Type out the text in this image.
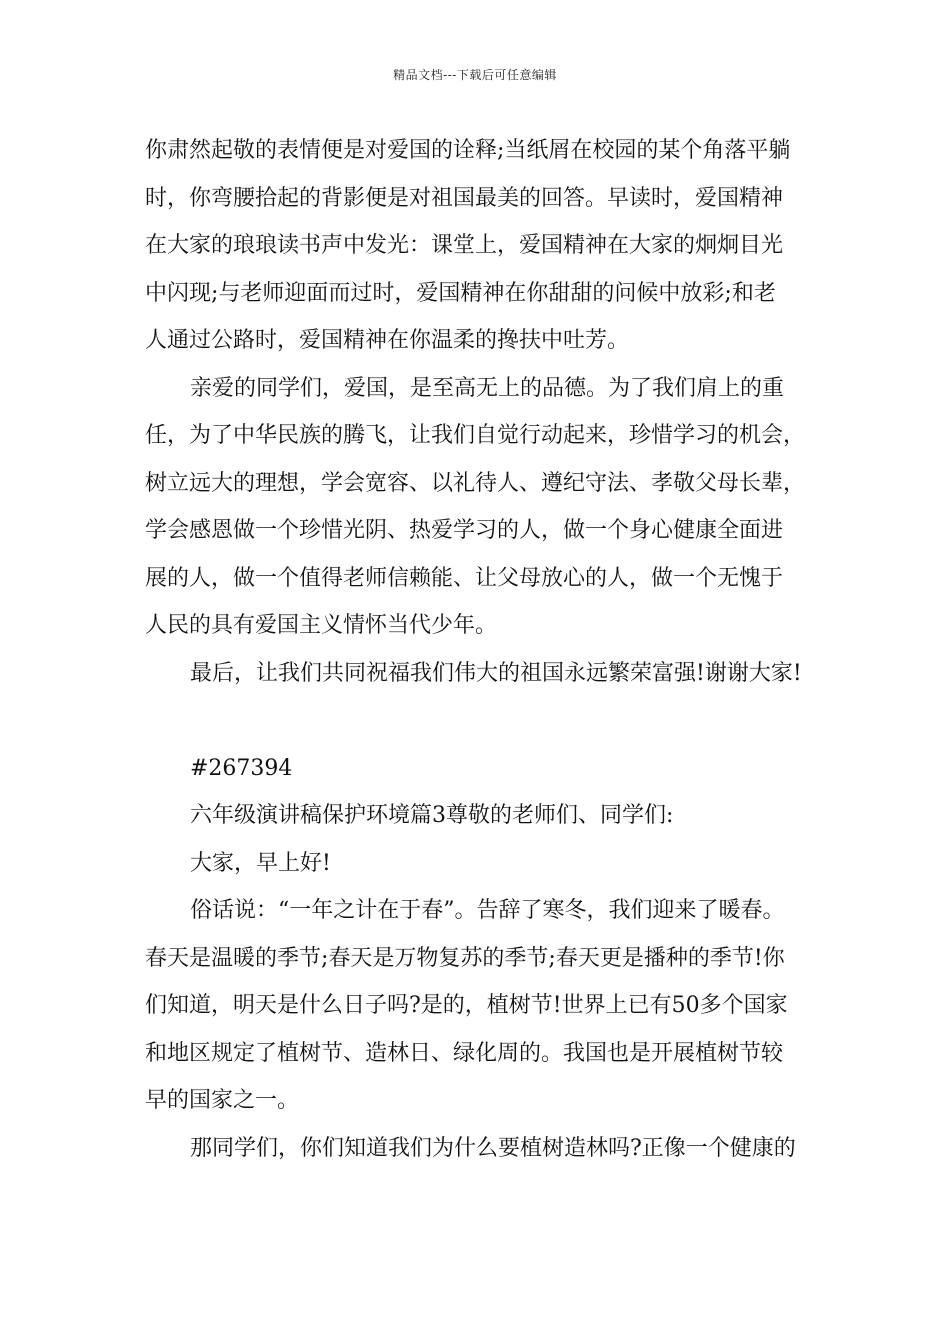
精品文档---下载后可任意编辑
你肃然起敬的表情便是对爱国的诠释;当纸屑在校园的某个角落平躺
时，你弯腰拾起的背影便是对祖国最美的回答。早读时，爱国精神
在大家的琅琅读书声中发光：课堂上，爱国精神在大家的炯炯目光
中闪现;与老师迎面而过时，爱国精神在你甜甜的问候中放彩;和老
人通过公路时，爱国精神在你温柔的搀扶中吐芳。
亲爱的同学们，爱国，是至高无上的品德。为了我们肩上的重
任，为了中华民族的腾飞，让我们自觉行动起来，珍惜学习的机会，
树立远大的理想，学会宽容、以礼待人、遵纪守法、孝敬父母长辈，
学会感恩做一个珍惜光阴、热爱学习的人，做一个身心健康全面进
展的人，做一个值得老师信赖能、让父母放心的人，做一个无愧于
人民的具有爱国主义情怀当代少年。
最后，让我们共同祝福我们伟大的祖国永远繁荣富强!谢谢大家!
#267394
六年级演讲稿保护环境篇3尊敬的老师们、同学们:
大家，早上好!
俗话说：“一年之计在于春”。告辞了寒冬，我们迎来了暖春。
春天是温暖的季节;春天是万物复苏的季节;春天更是播种的季节!你
们知道，明天是什么日子吗?是的，植树节!世界上已有50多个国家
和地区规定了植树节、造林日、绿化周的。我国也是开展植树节较
早的国家之一。
那同学们，你们知道我们为什么要植树造林吗?正像一个健康的
